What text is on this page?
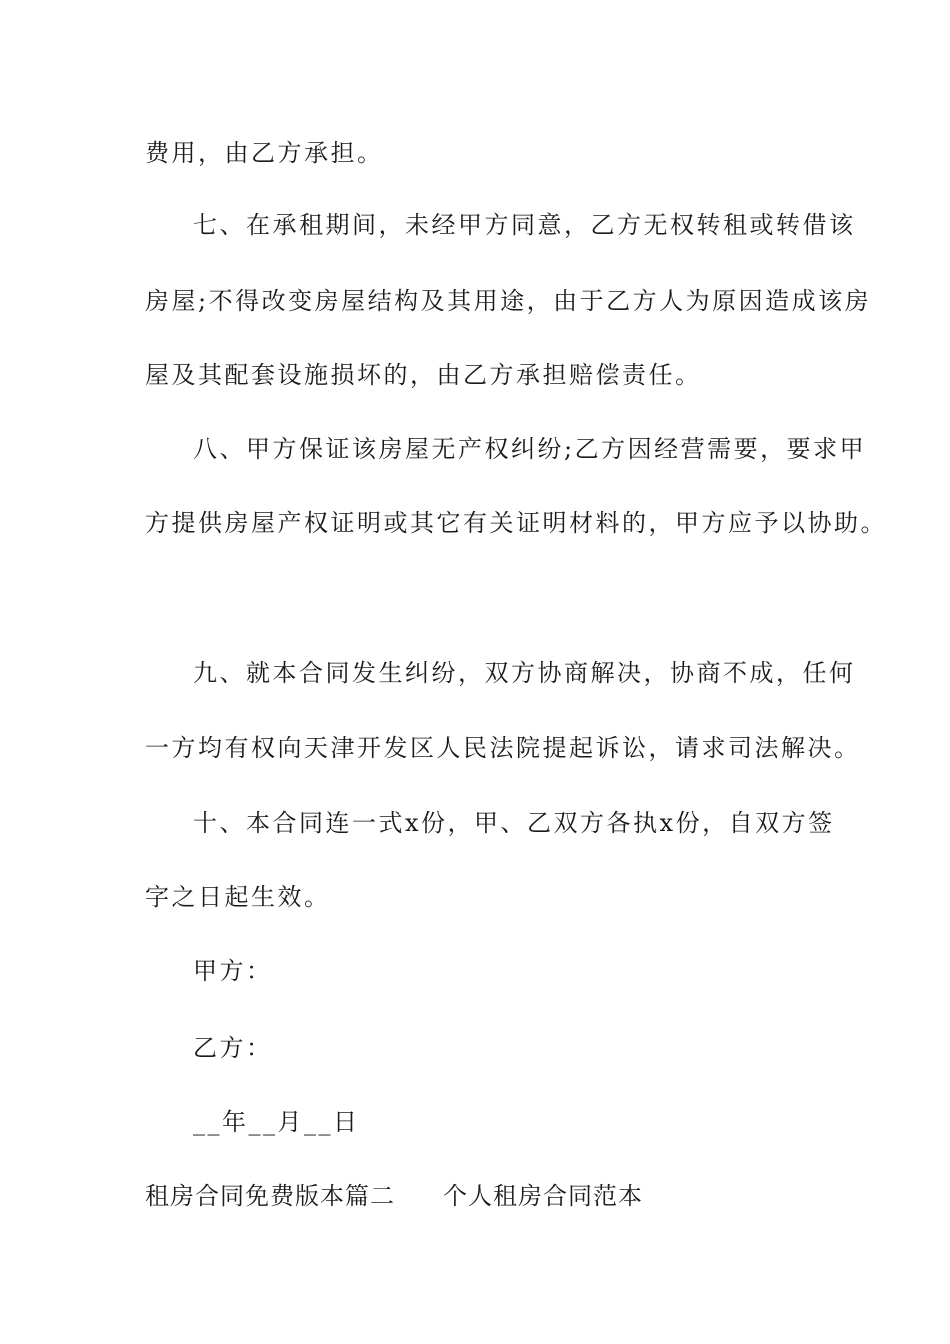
费用，由乙方承担。
七、在承租期间，未经甲方同意，乙方无权转租或转借该
房屋;不得改变房屋结构及其用途，由于乙方人为原因造成该房
屋及其配套设施损坏的，由乙方承担赔偿责任。
八、甲方保证该房屋无产权纠纷;乙方因经营需要，要求甲
方提供房屋产权证明或其它有关证明材料的，甲方应予以协助。
九、就本合同发生纠纷，双方协商解决，协商不成，任何
一方均有权向天津开发区人民法院提起诉讼，请求司法解决。
十、本合同连一式x份，甲、乙双方各执x份，自双方签
字之日起生效。
甲方：
乙方：
__年__月__日
租房合同免费版本篇二 个人租房合同范本
